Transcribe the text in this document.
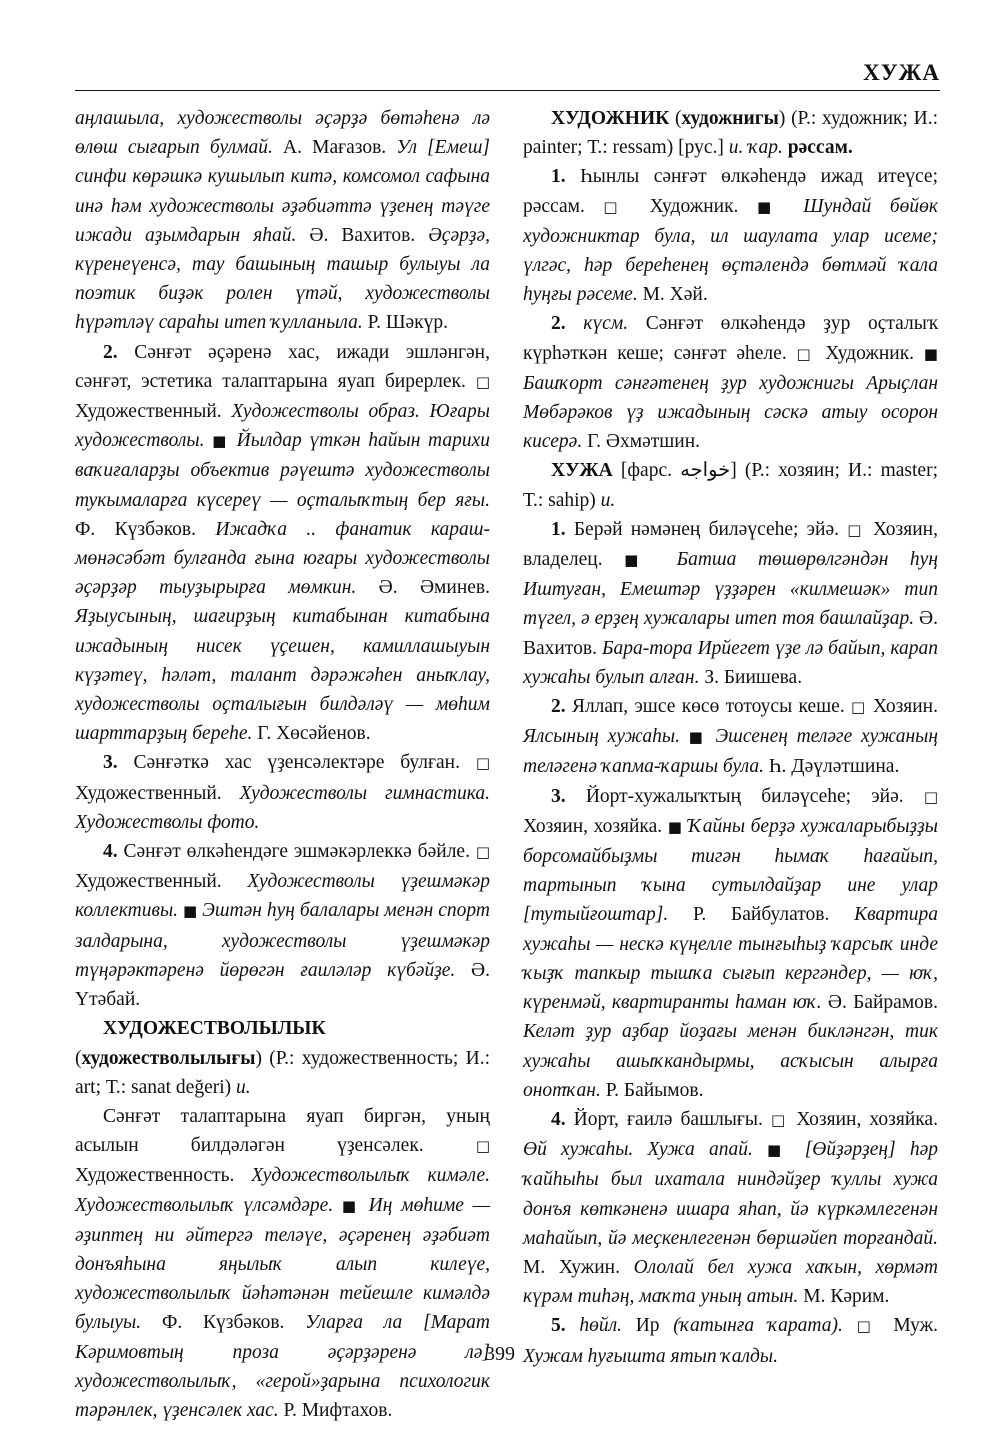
ХУЖА

аңлашыла, художестволы әҫәрҙә бөтәһенә лә өлөш сығарып булмай. А. Мағазов. Ул [Емеш] синфи көрәшкә кушылып китә, комсомол сафына инә һәм художестволы әҙәбиәттә үҙенең тәүге ижади аҙымдарын яһай. Ә. Вахитов. Әҫәрҙә, күренеүенсә, тау башының ташыр булыуы ла поэтик биҙәк ролен үтәй, художестволы һүрәтләү сараһы итеп ҡулланыла. Р. Шәкүр.

2. Сәнғәт әҫәренә хас, ижади эшләнгән, сәнғәт, эстетика талаптарына яуап бирерлек. □ Художественный. Художестволы образ. Юғары художестволы. ■ Йылдар үткән һайын тарихи ваҡиғаларҙы объектив рәүештә художестволы тукымаларға күсереү — оҫталыҡтың бер яғы. Ф. Күзбәков. Ижадҡа .. фанатик караш-мөнәсәбәт булғанда ғына юғары художестволы әҫәрҙәр тыуҙырырға мөмкин. Ә. Әминев. Яҙыусының, шағирҙың китабынан китабына ижадының нисек үҫешен, камиллашыуын күҙәтеү, һәләт, талант дәрәжәһен аныҡлау, художестволы оҫталығын билдәләү — мөһим шарттарҙың береһе. Г. Хөсәйенов.

3. Сәнғәткә хас үҙенсәлектәре булған. □ Художественный. Художестволы гимнастика. Художестволы фото.

4. Сәнғәт өлкәһендәге эшмәкәрлеккә бәйле. □ Художественный. Художестволы үҙешмәкәр коллективы. ■ Эштән һуң балалары менән спорт залдарына, художестволы үҙешмәкәр түңәрәктәренә йөрөгән ғаиләләр күбәйҙе. Ә. Үтәбай.

ХУДОЖЕСТВОЛЫЛЫК (художестволылығы) (Р.: художественность; И.: art; Т.: sanat değeri) и.

Сәнғәт талаптарына яуап биргән, уның асылын билдәләгән үҙенсәлек. □ Художественность. Художестволылыҡ кимәле. Художестволылыҡ үлсәмдәре. ■ Иң мөһиме — әҙиптең ни әйтергә теләүе, әҫәренең әҙәбиәт донъяһына яңылыҡ алып килеүе, художестволылыҡ йәһәтәнән тейешле кимәлдә булыуы. Ф. Күзбәков. Уларға ла [Марат Кәримовтың проза әҫәрҙәренә лә] художестволылыҡ, «герой»ҙарына психологик тәрәнлек, үҙенсәлек хас. Р. Мифтахов.

ХУДОЖНИК (художнигы) (Р.: художник; И.: painter; Т.: ressam) [рус.] и. ҡар. рәссам.

1. Һынлы сәнғәт өлкәһендә ижад итеүсе; рәссам. □ Художник. ■ Шундай бөйөк художниктар була, ил шаулата улар исеме; үлгәс, һәр береһенең өҫтәлендә бөтмәй ҡала һуңғы рәсеме. М. Хәй.

2. күсм. Сәнғәт өлкәһендә ҙур оҫталыҡ күрһәткән кеше; сәнғәт әһеле. □ Художник. ■ Башҡорт сәнғәтенең ҙур художнигы Арыҫлан Мөбәрәков үҙ ижадының сәскә атыу осорон кисерә. Г. Әхмәтшин.

ХУЖА [фарс. خواجه] (Р.: хозяин; И.: master; Т.: sahip) и.

1. Берәй нәмәнең биләүсеһе; эйә. □ Хозяин, владелец. ■ Батша төшөрөлгәндән һуң Иштуған, Емештәр үҙҙәрен «килмешәк» тип түгел, ә ерҙең хужалары итеп тоя башлайҙар. Ә. Вахитов. Бара-тора Ирйегет үҙе лә байып, карап хужаһы булып алған. З. Биишева.

2. Яллап, эшсе көсө тотоусы кеше. □ Хозяин. Ялсының хужаһы. ■ Эшсенең теләге хужаның теләгенә ҡапма-ҡаршы була. Һ. Дәүләтшина.

3. Йорт-хужалыҡтың биләүсеһе; эйә. □ Хозяин, хозяйка. ■ Ҡайны берҙә хужаларыбыҙҙы борсомайбыҙмы тигән һымаҡ һағайып, тартынып ҡына сутылдайҙар ине улар [тутыйғоштар]. Р. Байбулатов. Квартира хужаһы — нескә күңелле тынғыһыҙ ҡарсыҡ инде ҡыҙҡ тапкыр тышҡа сығып кергәндер, — юҡ, күренмәй, квартиранты һаман юҡ. Ә. Байрамов. Келәт ҙур аҙбар йоҙағы менән бикләнгән, тик хужаһы ашыҡкандырмы, асҡысын алырға онотҡан. Р. Байымов.

4. Йорт, ғаилә башлығы. □ Хозяин, хозяйка. Өй хужаһы. Хужа апай. ■ [Өйҙәрҙең] һәр ҡайһыһы был ихатала ниндәйҙер ҡуллы хужа донъя көткәненә ишара яһап, йә күркәмлегенән маһайып, йә меҫкенлегенән бөршәйеп торғандай. М. Хужин. Ололай бел хужа хаҡын, хөрмәт күрәм тиһәң, маҡта уның атын. М. Кәрим.

5. һөйл. Ир (ҡатынға ҡарата). □ Муж. Хужам һуғышта ятып ҡалды.

399
